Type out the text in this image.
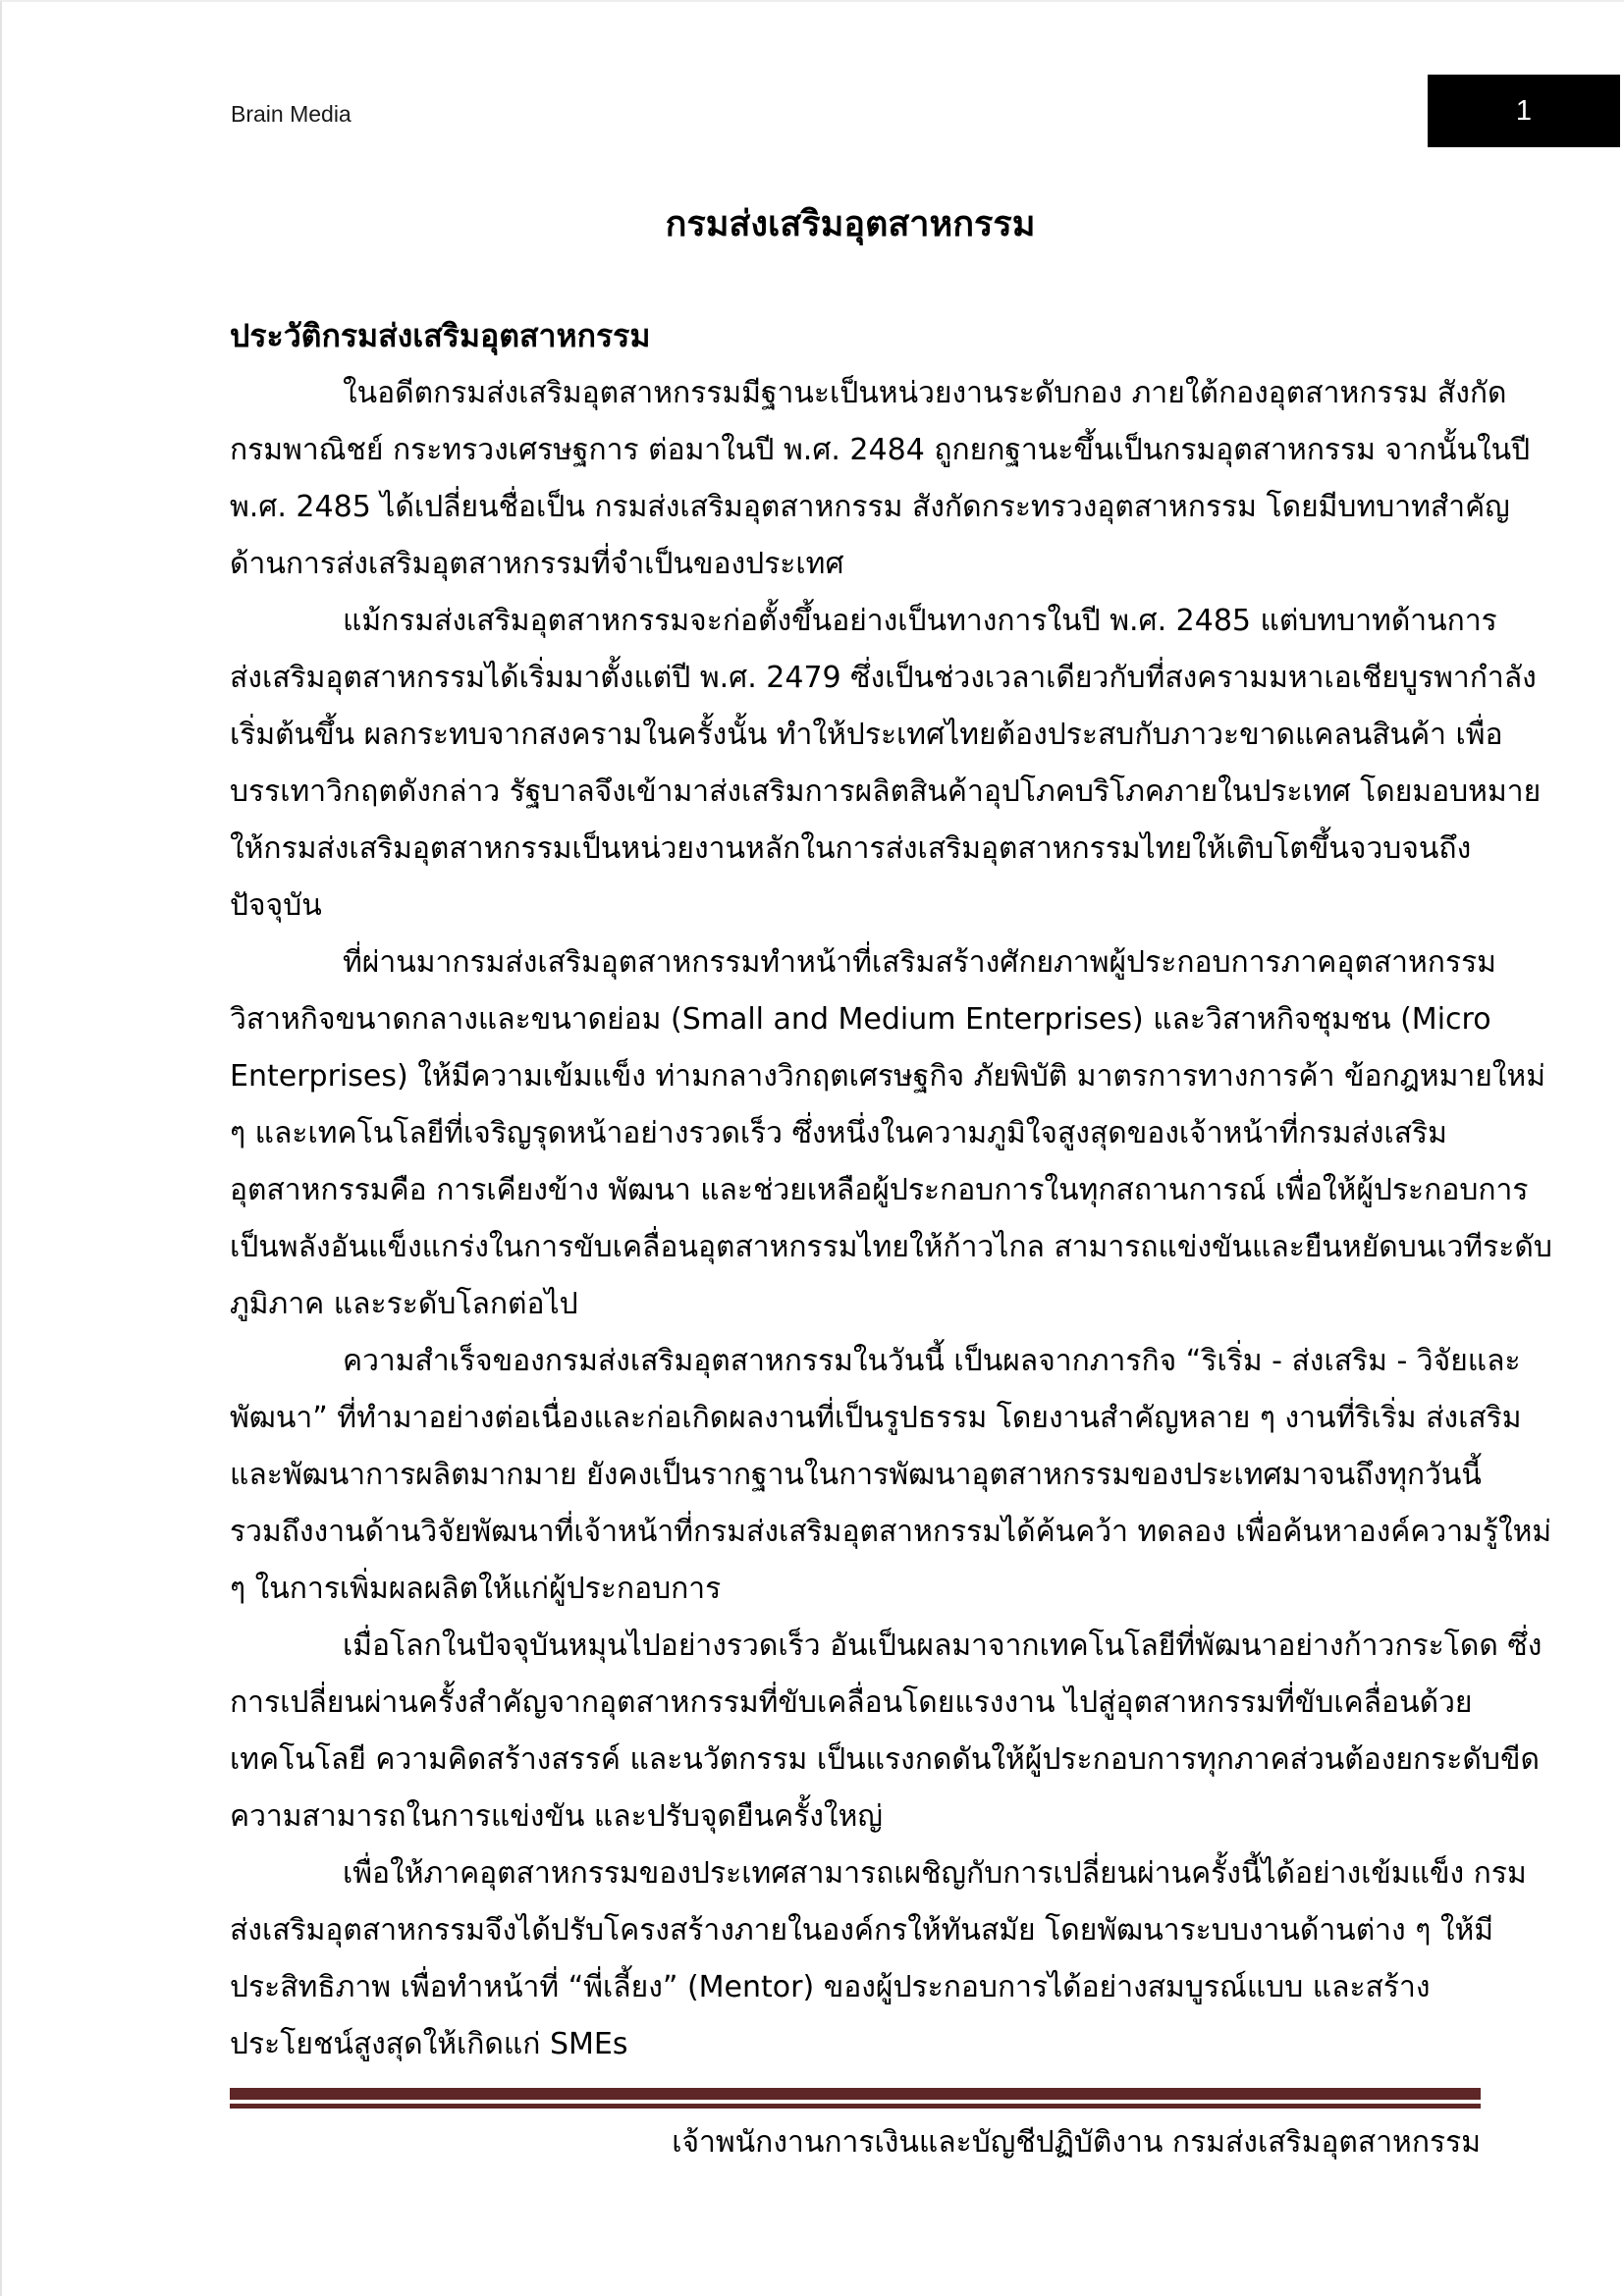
Brain Media	1
กรมส่งเสริมอุตสาหกรรม
ประวัติกรมส่งเสริมอุตสาหกรรม
ในอดีตกรมส่งเสริมอุตสาหกรรมมีฐานะเป็นหน่วยงานระดับกอง ภายใต้กองอุตสาหกรรม สังกัด
กรมพาณิชย์ กระทรวงเศรษฐการ ต่อมาในปี พ.ศ. 2484 ถูกยกฐานะขึ้นเป็นกรมอุตสาหกรรม จากนั้นในปี
พ.ศ. 2485 ได้เปลี่ยนชื่อเป็น กรมส่งเสริมอุตสาหกรรม สังกัดกระทรวงอุตสาหกรรม โดยมีบทบาทสำคัญ
ด้านการส่งเสริมอุตสาหกรรมที่จำเป็นของประเทศ
แม้กรมส่งเสริมอุตสาหกรรมจะก่อตั้งขึ้นอย่างเป็นทางการในปี พ.ศ. 2485 แต่บทบาทด้านการ
ส่งเสริมอุตสาหกรรมได้เริ่มมาตั้งแต่ปี พ.ศ. 2479 ซึ่งเป็นช่วงเวลาเดียวกับที่สงครามมหาเอเชียบูรพากำลัง
เริ่มต้นขึ้น ผลกระทบจากสงครามในครั้งนั้น ทำให้ประเทศไทยต้องประสบกับภาวะขาดแคลนสินค้า เพื่อ
บรรเทาวิกฤตดังกล่าว รัฐบาลจึงเข้ามาส่งเสริมการผลิตสินค้าอุปโภคบริโภคภายในประเทศ โดยมอบหมาย
ให้กรมส่งเสริมอุตสาหกรรมเป็นหน่วยงานหลักในการส่งเสริมอุตสาหกรรมไทยให้เติบโตขึ้นจวบจนถึง
ปัจจุบัน
ที่ผ่านมากรมส่งเสริมอุตสาหกรรมทำหน้าที่เสริมสร้างศักยภาพผู้ประกอบการภาคอุตสาหกรรม
วิสาหกิจขนาดกลางและขนาดย่อม (Small and Medium Enterprises) และวิสาหกิจชุมชน (Micro
Enterprises) ให้มีความเข้มแข็ง ท่ามกลางวิกฤตเศรษฐกิจ ภัยพิบัติ มาตรการทางการค้า ข้อกฎหมายใหม่
ๆ และเทคโนโลยีที่เจริญรุดหน้าอย่างรวดเร็ว ซึ่งหนึ่งในความภูมิใจสูงสุดของเจ้าหน้าที่กรมส่งเสริม
อุตสาหกรรมคือ การเคียงข้าง พัฒนา และช่วยเหลือผู้ประกอบการในทุกสถานการณ์ เพื่อให้ผู้ประกอบการ
เป็นพลังอันแข็งแกร่งในการขับเคลื่อนอุตสาหกรรมไทยให้ก้าวไกล สามารถแข่งขันและยืนหยัดบนเวทีระดับ
ภูมิภาค และระดับโลกต่อไป
ความสำเร็จของกรมส่งเสริมอุตสาหกรรมในวันนี้ เป็นผลจากภารกิจ “ริเริ่ม - ส่งเสริม - วิจัยและ
พัฒนา” ที่ทำมาอย่างต่อเนื่องและก่อเกิดผลงานที่เป็นรูปธรรม โดยงานสำคัญหลาย ๆ งานที่ริเริ่ม ส่งเสริม
และพัฒนาการผลิตมากมาย ยังคงเป็นรากฐานในการพัฒนาอุตสาหกรรมของประเทศมาจนถึงทุกวันนี้
รวมถึงงานด้านวิจัยพัฒนาที่เจ้าหน้าที่กรมส่งเสริมอุตสาหกรรมได้ค้นคว้า ทดลอง เพื่อค้นหาองค์ความรู้ใหม่
ๆ ในการเพิ่มผลผลิตให้แก่ผู้ประกอบการ
เมื่อโลกในปัจจุบันหมุนไปอย่างรวดเร็ว อันเป็นผลมาจากเทคโนโลยีที่พัฒนาอย่างก้าวกระโดด ซึ่ง
การเปลี่ยนผ่านครั้งสำคัญจากอุตสาหกรรมที่ขับเคลื่อนโดยแรงงาน ไปสู่อุตสาหกรรมที่ขับเคลื่อนด้วย
เทคโนโลยี ความคิดสร้างสรรค์ และนวัตกรรม เป็นแรงกดดันให้ผู้ประกอบการทุกภาคส่วนต้องยกระดับขีด
ความสามารถในการแข่งขัน และปรับจุดยืนครั้งใหญ่
เพื่อให้ภาคอุตสาหกรรมของประเทศสามารถเผชิญกับการเปลี่ยนผ่านครั้งนี้ได้อย่างเข้มแข็ง กรม
ส่งเสริมอุตสาหกรรมจึงได้ปรับโครงสร้างภายในองค์กรให้ทันสมัย โดยพัฒนาระบบงานด้านต่าง ๆ ให้มี
ประสิทธิภาพ เพื่อทำหน้าที่ “พี่เลี้ยง” (Mentor) ของผู้ประกอบการได้อย่างสมบูรณ์แบบ และสร้าง
ประโยชน์สูงสุดให้เกิดแก่ SMEs
เจ้าพนักงานการเงินและบัญชีปฏิบัติงาน กรมส่งเสริมอุตสาหกรรม
